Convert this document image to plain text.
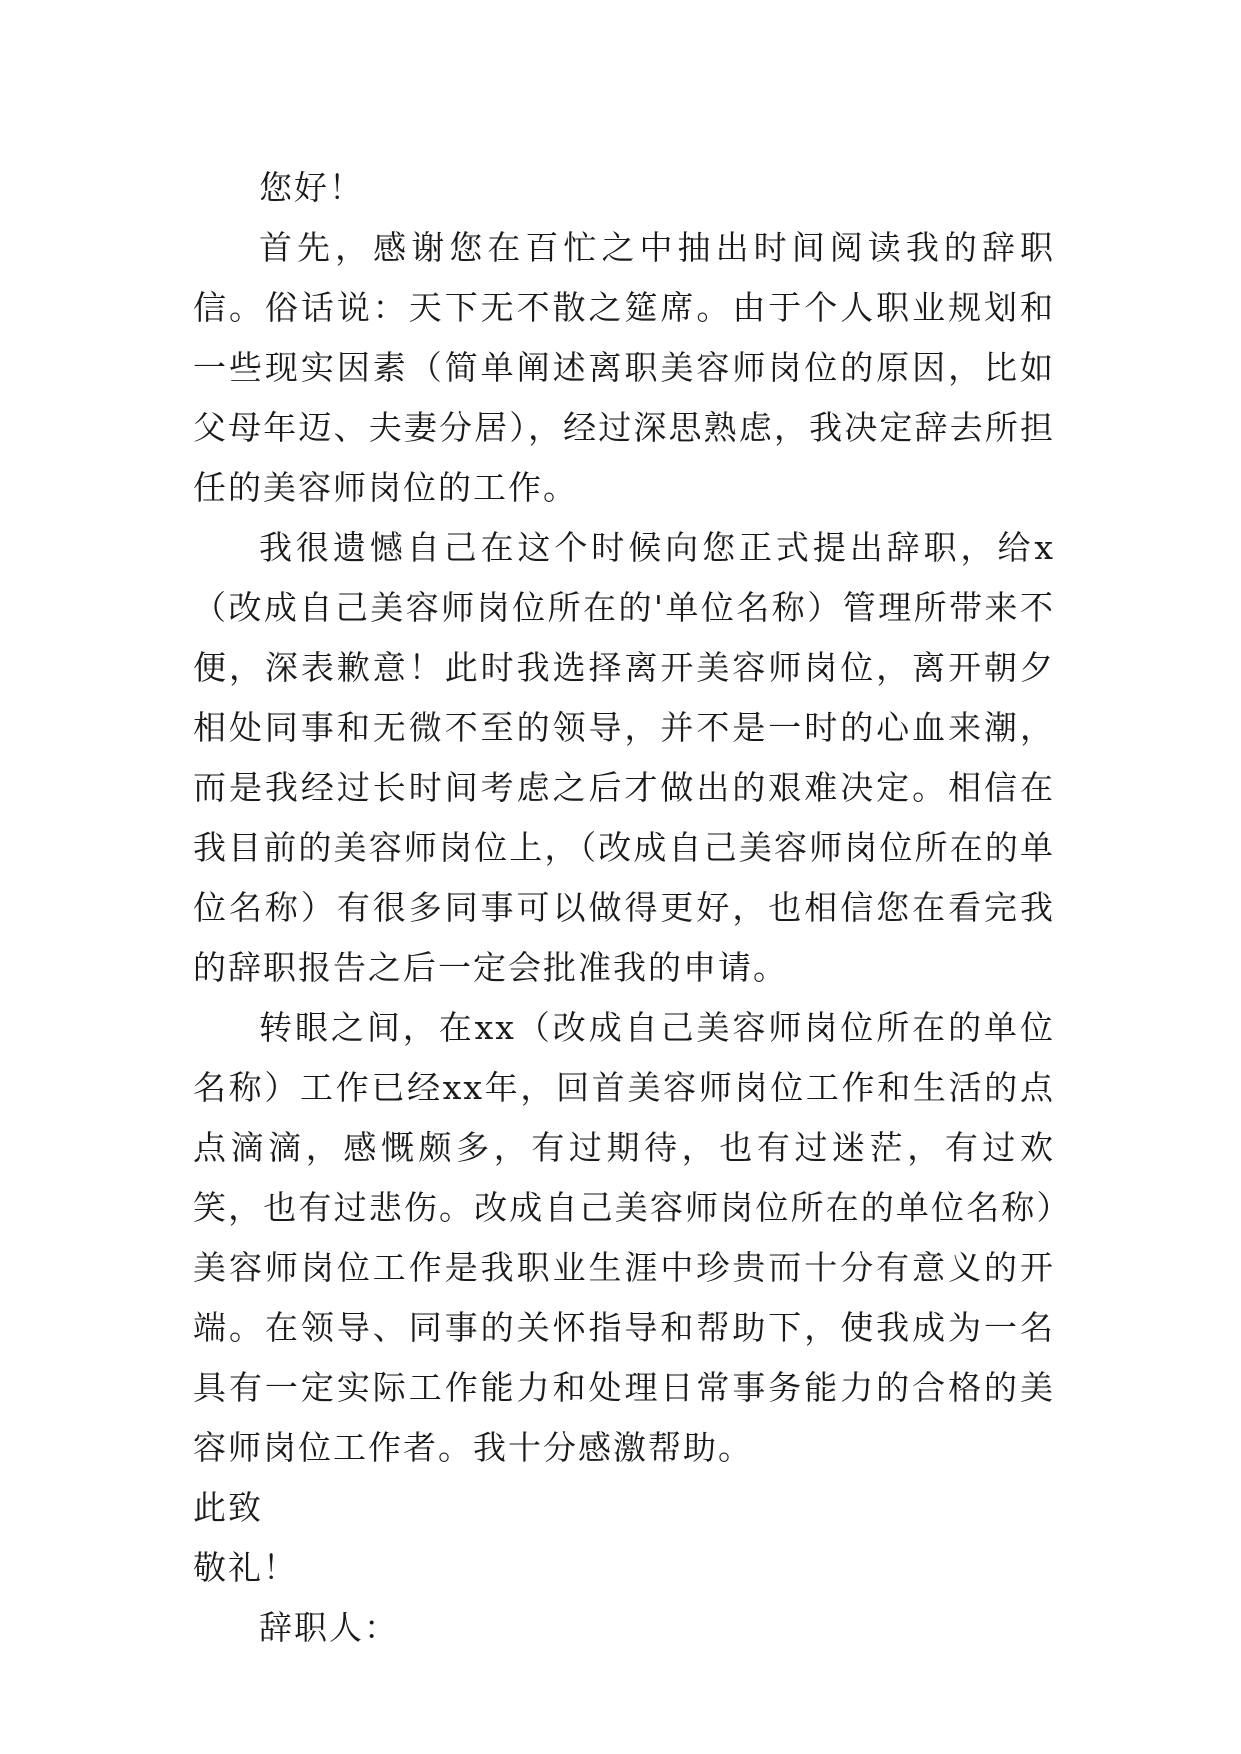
您好！

首先，感谢您在百忙之中抽出时间阅读我的辞职信。俗话说：天下无不散之筵席。由于个人职业规划和一些现实因素（简单阐述离职美容师岗位的原因，比如父母年迈、夫妻分居），经过深思熟虑，我决定辞去所担任的美容师岗位的工作。

我很遗憾自己在这个时候向您正式提出辞职，给x（改成自己美容师岗位所在的'单位名称）管理所带来不便，深表歉意！此时我选择离开美容师岗位，离开朝夕相处同事和无微不至的领导，并不是一时的心血来潮，而是我经过长时间考虑之后才做出的艰难决定。相信在我目前的美容师岗位上，（改成自己美容师岗位所在的单位名称）有很多同事可以做得更好，也相信您在看完我的辞职报告之后一定会批准我的申请。

转眼之间，在xx（改成自己美容师岗位所在的单位名称）工作已经xx年，回首美容师岗位工作和生活的点点滴滴，感慨颇多，有过期待，也有过迷茫，有过欢笑，也有过悲伤。改成自己美容师岗位所在的单位名称）美容师岗位工作是我职业生涯中珍贵而十分有意义的开端。在领导、同事的关怀指导和帮助下，使我成为一名具有一定实际工作能力和处理日常事务能力的合格的美容师岗位工作者。我十分感激帮助。

此致

敬礼！

辞职人：
